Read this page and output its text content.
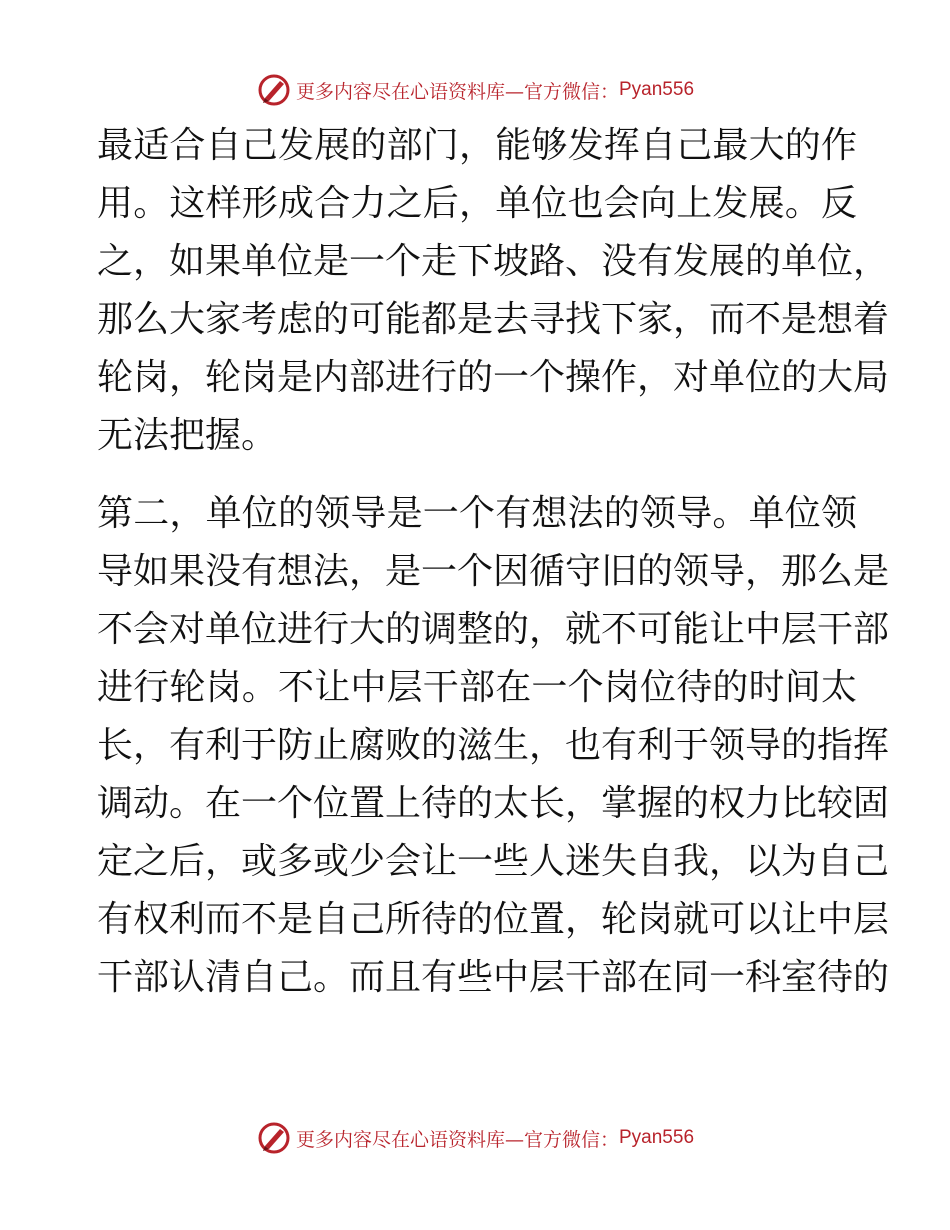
更多内容尽在心语资料库—官方微信： Pyan556
最适合自己发展的部门，能够发挥自己最大的作
用。这样形成合力之后，单位也会向上发展。反
之，如果单位是一个走下坡路、没有发展的单位，
那么大家考虑的可能都是去寻找下家，而不是想着
轮岗，轮岗是内部进行的一个操作，对单位的大局
无法把握。
第二，单位的领导是一个有想法的领导。单位领
导如果没有想法，是一个因循守旧的领导，那么是
不会对单位进行大的调整的，就不可能让中层干部
进行轮岗。不让中层干部在一个岗位待的时间太
长，有利于防止腐败的滋生，也有利于领导的指挥
调动。在一个位置上待的太长，掌握的权力比较固
定之后，或多或少会让一些人迷失自我，以为自己
有权利而不是自己所待的位置，轮岗就可以让中层
干部认清自己。而且有些中层干部在同一科室待的
更多内容尽在心语资料库—官方微信： Pyan556
